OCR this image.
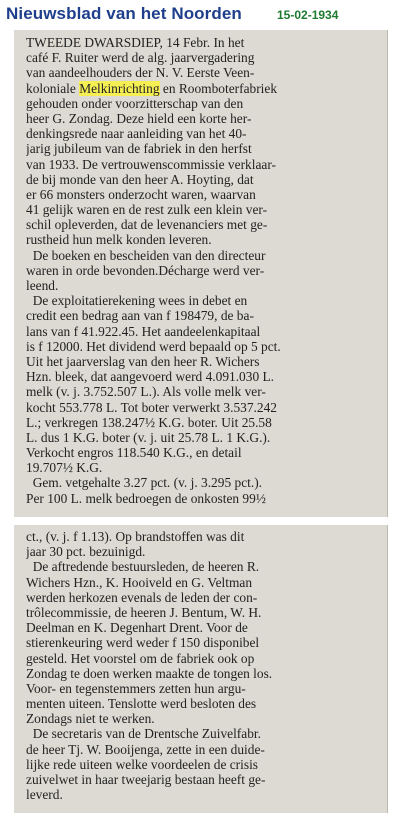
Nieuwsblad van het Noorden	15-02-1934
TWEEDE DWARSDIEP, 14 Febr. In het
café F. Ruiter werd de alg. jaarvergadering
van aandeelhouders der N. V. Eerste Veen-
koloniale Melkinrichting en Roomboterfabriek
gehouden onder voorzitterschap van den
heer G. Zondag. Deze hield een korte her-
denkingsrede naar aanleiding van het 40-
jarig jubileum van de fabriek in den herfst
van 1933. De vertrouwenscommissie verklaar-
de bij monde van den heer A. Hoyting, dat
er 66 monsters onderzocht waren, waarvan
41 gelijk waren en de rest zulk een klein ver-
schil opleverden, dat de levenanciers met ge-
rustheid hun melk konden leveren.
De boeken en bescheiden van den directeur
waren in orde bevonden.Décharge werd ver-
leend.
De exploitatierekening wees in debet en
credit een bedrag aan van f 198479, de ba-
lans van f 41.922.45. Het aandeelenkapitaal
is f 12000. Het dividend werd bepaald op 5 pct.
Uit het jaarverslag van den heer R. Wichers
Hzn. bleek, dat aangevoerd werd 4.091.030 L.
melk (v. j. 3.752.507 L.). Als volle melk ver-
kocht 553.778 L. Tot boter verwerkt 3.537.242
L.; verkregen 138.247½ K.G. boter. Uit 25.58
L. dus 1 K.G. boter (v. j. uit 25.78 L. 1 K.G.).
Verkocht engros 118.540 K.G., en detail
19.707½ K.G.
Gem. vetgehalte 3.27 pct. (v. j. 3.295 pct.).
Per 100 L. melk bedroegen de onkosten 99½
ct., (v. j. f 1.13). Op brandstoffen was dit
jaar 30 pct. bezuinigd.
De aftredende bestuursleden, de heeren R.
Wichers Hzn., K. Hooiveld en G. Veltman
werden herkozen evenals de leden der con-
trôlecommissie, de heeren J. Bentum, W. H.
Deelman en K. Degenhart Drent. Voor de
stierenkeuring werd weder f 150 disponibel
gesteld. Het voorstel om de fabriek ook op
Zondag te doen werken maakte de tongen los.
Voor- en tegenstemmers zetten hun argu-
menten uiteen. Tenslotte werd besloten des
Zondags niet te werken.
De secretaris van de Drentsche Zuivelfabr.
de heer Tj. W. Booijenga, zette in een duide-
lijke rede uiteen welke voordeelen de crisis
zuivelwet in haar tweejarig bestaan heeft ge-
leverd.
